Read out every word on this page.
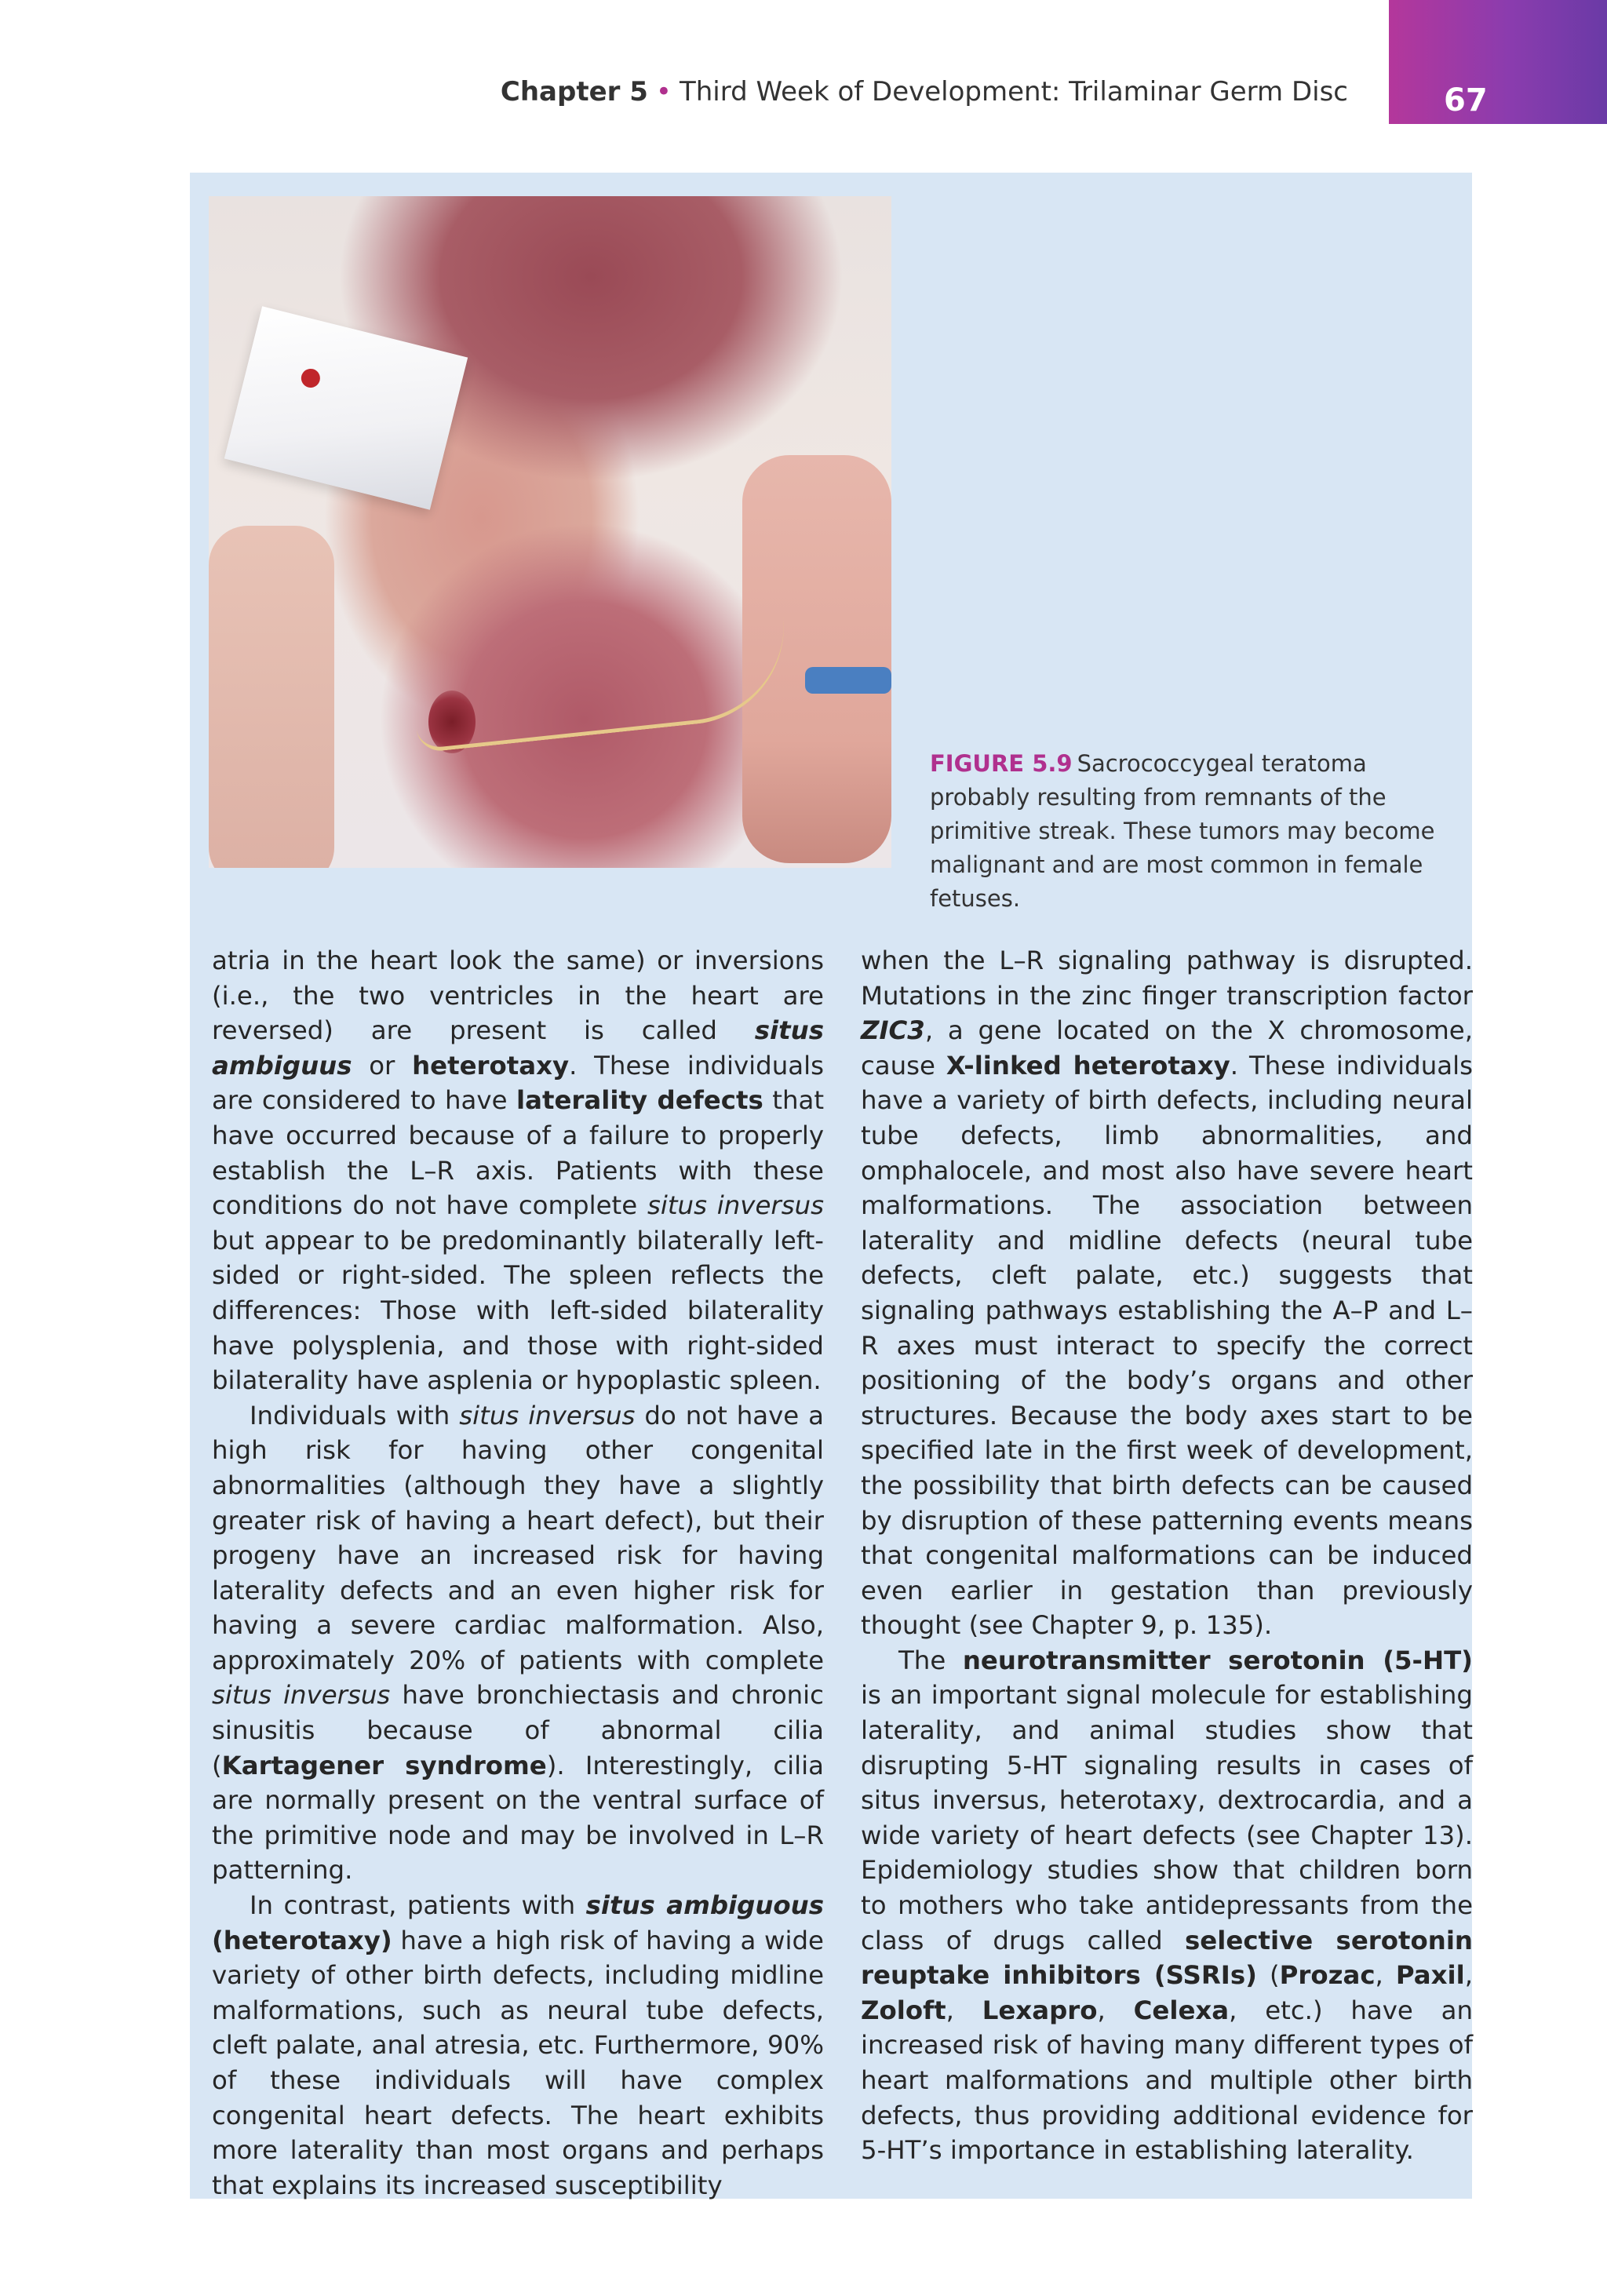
Chapter 5 • Third Week of Development: Trilaminar Germ Disc	67
FIGURE 5.9 Sacrococcygeal teratoma probably resulting from remnants of the primitive streak. These tumors may become malignant and are most common in female fetuses.

atria in the heart look the same) or inversions (i.e., the two ventricles in the heart are reversed) are present is called situs ambiguus or heterotaxy. These individuals are considered to have laterality defects that have occurred because of a failure to properly establish the L–R axis. Patients with these conditions do not have complete situs inversus but appear to be predominantly bilaterally left-sided or right-sided. The spleen reflects the differences: Those with left-sided bilaterality have polysplenia, and those with right-sided bilaterality have asplenia or hypoplastic spleen.

Individuals with situs inversus do not have a high risk for having other congenital abnormalities (although they have a slightly greater risk of having a heart defect), but their progeny have an increased risk for having laterality defects and an even higher risk for having a severe cardiac malformation. Also, approximately 20% of patients with complete situs inversus have bronchiectasis and chronic sinusitis because of abnormal cilia (Kartagener syndrome). Interestingly, cilia are normally present on the ventral surface of the primitive node and may be involved in L–R patterning.

In contrast, patients with situs ambiguous (heterotaxy) have a high risk of having a wide variety of other birth defects, including midline malformations, such as neural tube defects, cleft palate, anal atresia, etc. Furthermore, 90% of these individuals will have complex congenital heart defects. The heart exhibits more laterality than most organs and perhaps that explains its increased susceptibility

when the L–R signaling pathway is disrupted. Mutations in the zinc finger transcription factor ZIC3, a gene located on the X chromosome, cause X-linked heterotaxy. These individuals have a variety of birth defects, including neural tube defects, limb abnormalities, and omphalocele, and most also have severe heart malformations. The association between laterality and midline defects (neural tube defects, cleft palate, etc.) suggests that signaling pathways establishing the A–P and L–R axes must interact to specify the correct positioning of the body’s organs and other structures. Because the body axes start to be specified late in the first week of development, the possibility that birth defects can be caused by disruption of these patterning events means that congenital malformations can be induced even earlier in gestation than previously thought (see Chapter 9, p. 135).

The neurotransmitter serotonin (5-HT) is an important signal molecule for establishing laterality, and animal studies show that disrupting 5-HT signaling results in cases of situs inversus, heterotaxy, dextrocardia, and a wide variety of heart defects (see Chapter 13). Epidemiology studies show that children born to mothers who take antidepressants from the class of drugs called selective serotonin reuptake inhibitors (SSRIs) (Prozac, Paxil, Zoloft, Lexapro, Celexa, etc.) have an increased risk of having many different types of heart malformations and multiple other birth defects, thus providing additional evidence for 5-HT’s importance in establishing laterality.
